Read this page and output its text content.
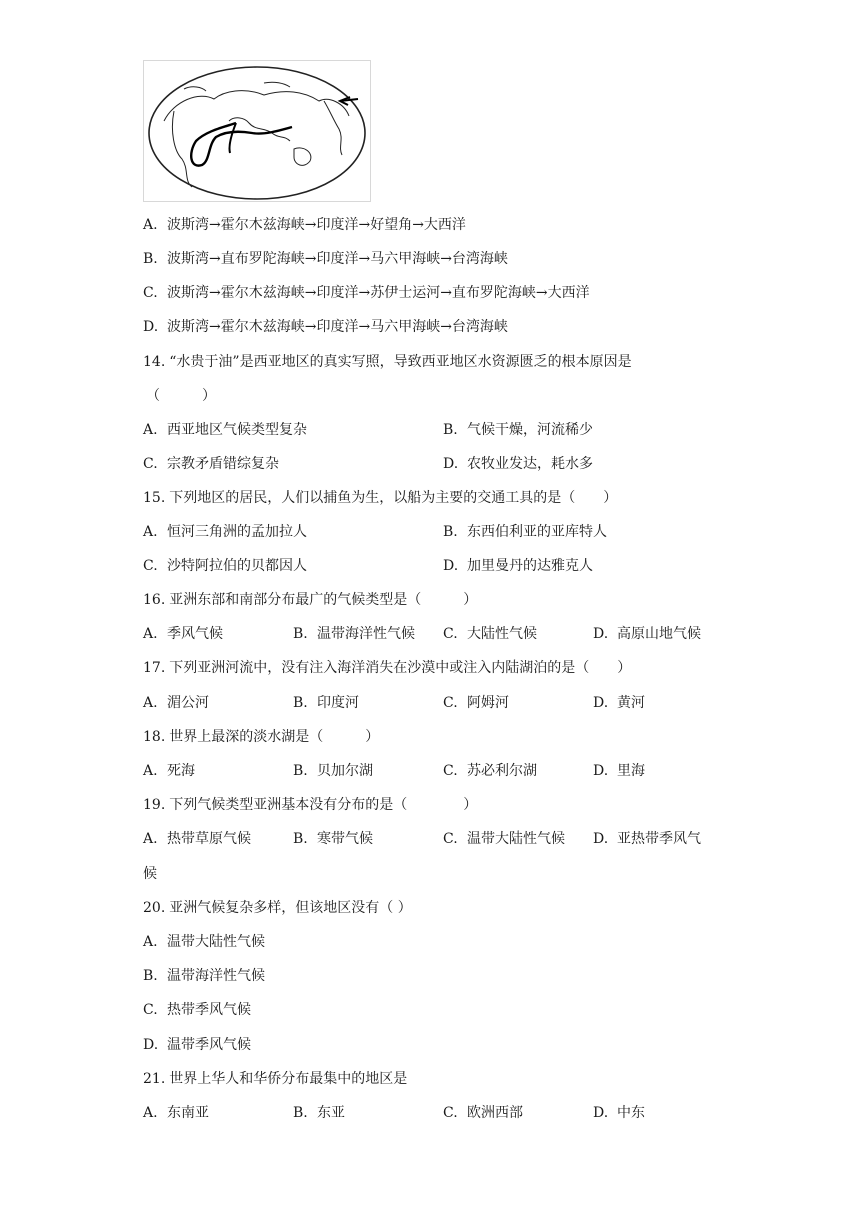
A. 波斯湾→霍尔木兹海峡→印度洋→好望角→大西洋
B. 波斯湾→直布罗陀海峡→印度洋→马六甲海峡→台湾海峡
C. 波斯湾→霍尔木兹海峡→印度洋→苏伊士运河→直布罗陀海峡→大西洋
D. 波斯湾→霍尔木兹海峡→印度洋→马六甲海峡→台湾海峡
14. “水贵于油”是西亚地区的真实写照，导致西亚地区水资源匮乏的根本原因是
（　　　）
A. 西亚地区气候类型复杂	B. 气候干燥，河流稀少
C. 宗教矛盾错综复杂	D. 农牧业发达，耗水多
15. 下列地区的居民，人们以捕鱼为生，以船为主要的交通工具的是（　　）
A. 恒河三角洲的孟加拉人	B. 东西伯利亚的亚库特人
C. 沙特阿拉伯的贝都因人	D. 加里曼丹的达雅克人
16. 亚洲东部和南部分布最广的气候类型是（　　　）
A. 季风气候	B. 温带海洋性气候 C. 大陆性气候	D. 高原山地气候
17. 下列亚洲河流中，没有注入海洋消失在沙漠中或注入内陆湖泊的是（　　）
A. 湄公河	B. 印度河	C. 阿姆河	D. 黄河
18. 世界上最深的淡水湖是（　　　）
A. 死海	B. 贝加尔湖	C. 苏必利尔湖	D. 里海
19. 下列气候类型亚洲基本没有分布的是（　　　　）
A. 热带草原气候	B. 寒带气候	C. 温带大陆性气候 D. 亚热带季风气
候
20. 亚洲气候复杂多样，但该地区没有（ ）
A. 温带大陆性气候
B. 温带海洋性气候
C. 热带季风气候
D. 温带季风气候
21. 世界上华人和华侨分布最集中的地区是
A. 东南亚	B. 东亚	C. 欧洲西部	D. 中东
